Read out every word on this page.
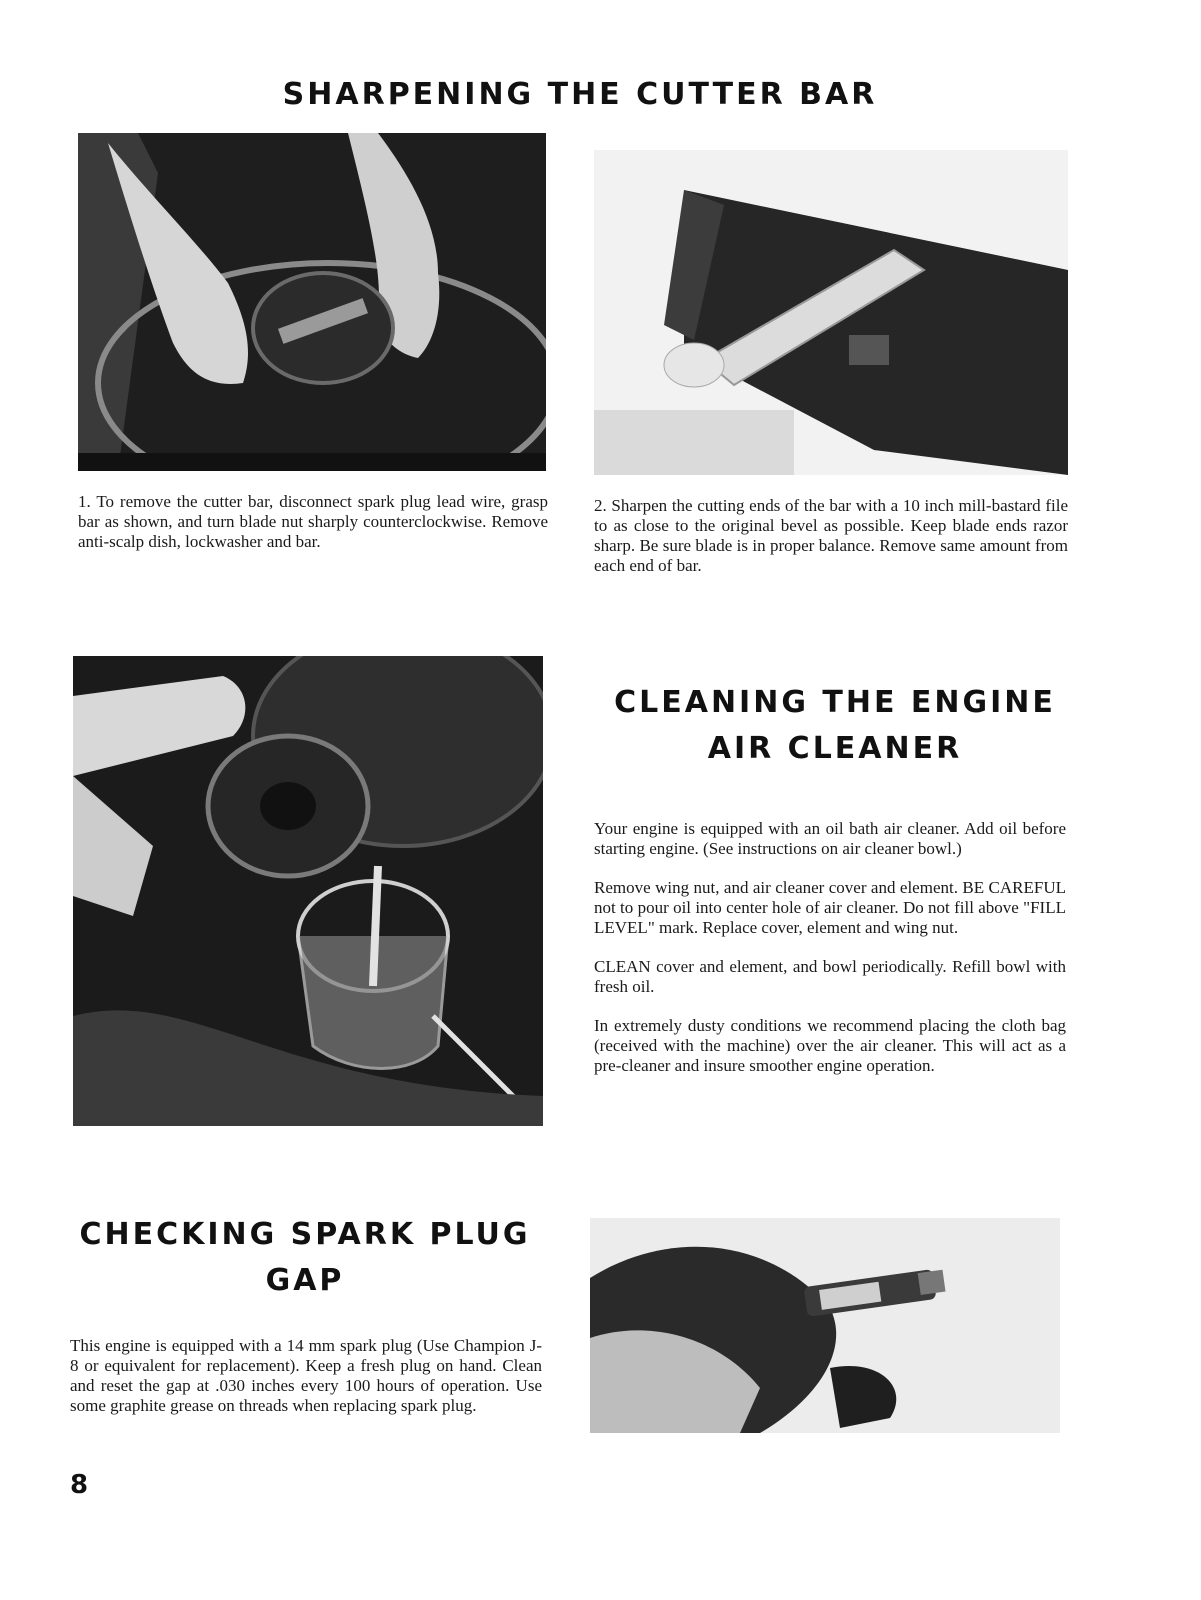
SHARPENING THE CUTTER BAR

1. To remove the cutter bar, disconnect spark plug lead wire, grasp bar as shown, and turn blade nut sharply counterclockwise. Remove anti-scalp dish, lockwasher and bar.

2. Sharpen the cutting ends of the bar with a 10 inch mill-bastard file to as close to the original bevel as possible. Keep blade ends razor sharp. Be sure blade is in proper balance. Remove same amount from each end of bar.

CLEANING THE ENGINE
AIR CLEANER

Your engine is equipped with an oil bath air cleaner. Add oil before starting engine. (See instructions on air cleaner bowl.)

Remove wing nut, and air cleaner cover and element. BE CAREFUL not to pour oil into center hole of air cleaner. Do not fill above "FILL LEVEL" mark. Replace cover, element and wing nut.

CLEAN cover and element, and bowl periodically. Refill bowl with fresh oil.

In extremely dusty conditions we recommend placing the cloth bag (received with the machine) over the air cleaner. This will act as a pre-cleaner and insure smoother engine operation.

CHECKING SPARK PLUG
GAP

This engine is equipped with a 14 mm spark plug (Use Champion J-8 or equivalent for replacement). Keep a fresh plug on hand. Clean and reset the gap at .030 inches every 100 hours of operation. Use some graphite grease on threads when replacing spark plug.

8
